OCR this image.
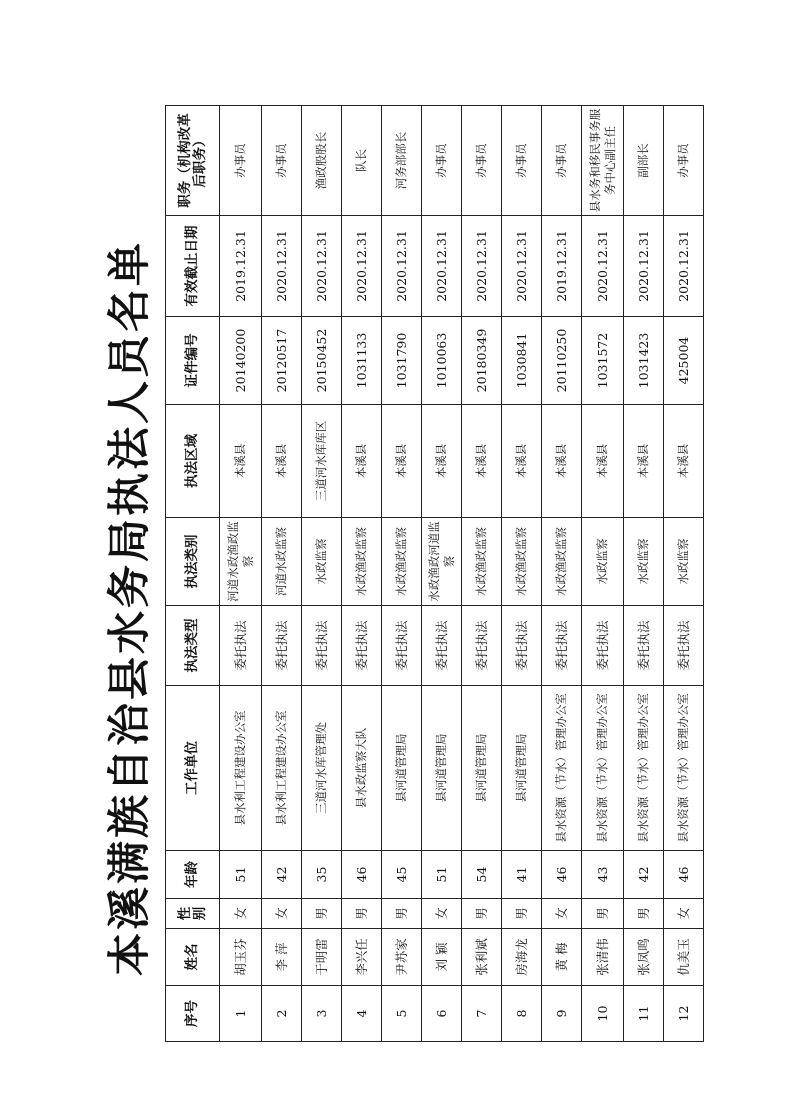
本溪满族自治县水务局执法人员名单
序号	姓名	性别	年龄	工作单位	执法类型	执法类别	执法区域	证件编号	有效截止日期	职务（机构改革后职务）
1	胡玉芬	女	51	县水利工程建设办公室	委托执法	河道水政渔政监察	本溪县	20140200	2019.12.31	办事员
2	李 萍	女	42	县水利工程建设办公室	委托执法	河道水政监察	本溪县	20120517	2020.12.31	办事员
3	于明雷	男	35	三道河水库管理处	委托执法	水政监察	三道河水库库区	20150452	2020.12.31	渔政股股长
4	李兴任	男	46	县水政监察大队	委托执法	水政渔政监察	本溪县	1031133	2020.12.31	队长
5	尹苏家	男	45	县河道管理局	委托执法	水政渔政监察	本溪县	1031790	2020.12.31	河务部部长
6	刘 颖	女	51	县河道管理局	委托执法	水政渔政河道监察	本溪县	1010063	2020.12.31	办事员
7	张利斌	男	54	县河道管理局	委托执法	水政渔政监察	本溪县	20180349	2020.12.31	办事员
8	房海龙	男	41	县河道管理局	委托执法	水政渔政监察	本溪县	1030841	2020.12.31	办事员
9	黄 梅	女	46	县水资源（节水）管理办公室	委托执法	水政渔政监察	本溪县	20110250	2019.12.31	办事员
10	张清伟	男	43	县水资源（节水）管理办公室	委托执法	水政监察	本溪县	1031572	2020.12.31	县水务和移民事务服务中心副主任
11	张凤鸣	男	42	县水资源（节水）管理办公室	委托执法	水政监察	本溪县	1031423	2020.12.31	副部长
12	仇美玉	女	46	县水资源（节水）管理办公室	委托执法	水政监察	本溪县	425004	2020.12.31	办事员
